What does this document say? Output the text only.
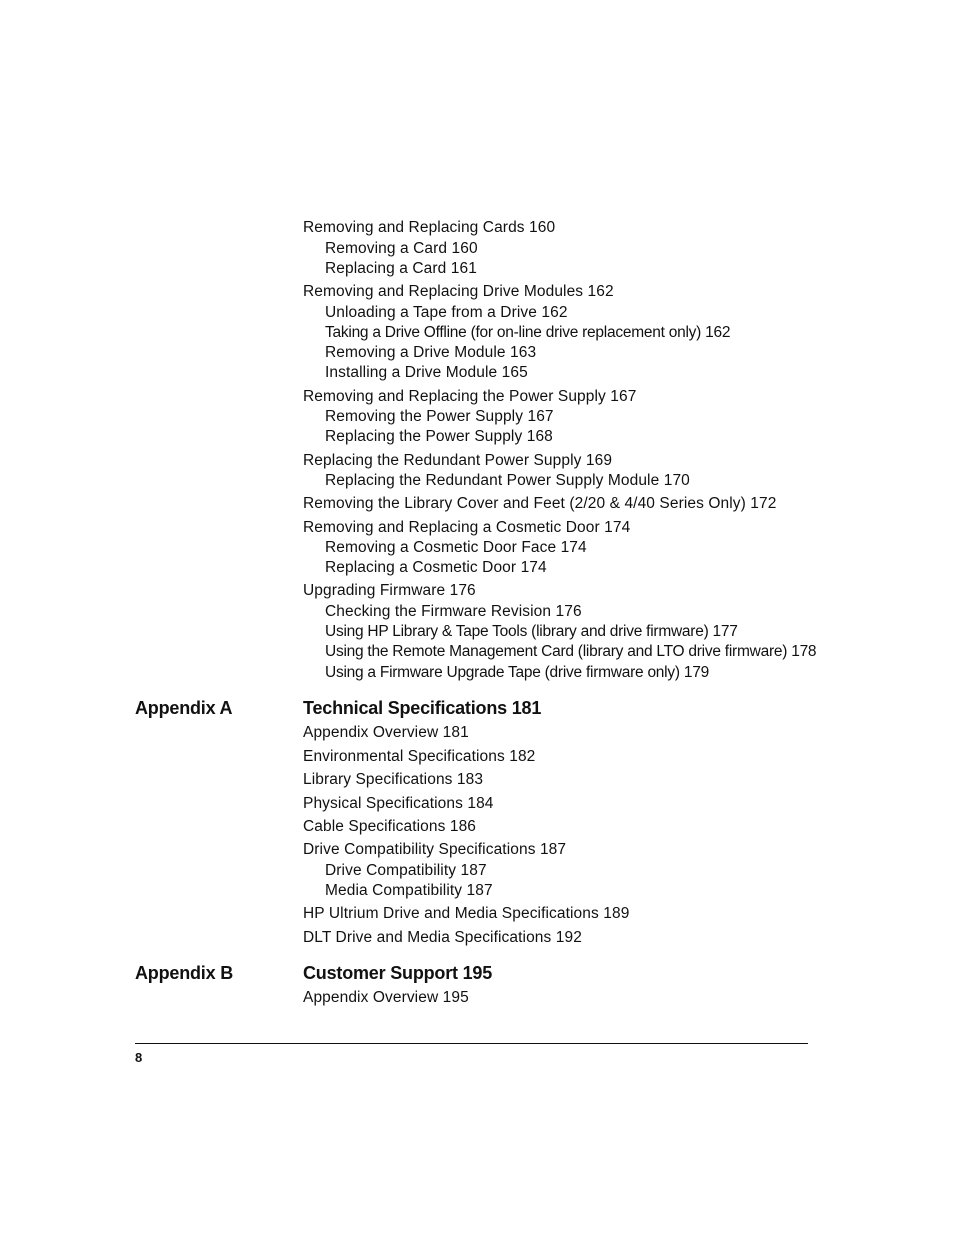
Removing and Replacing Cards 160
Removing a Card 160
Replacing a Card 161
Removing and Replacing Drive Modules 162
Unloading a Tape from a Drive 162
Taking a Drive Offline (for on-line drive replacement only) 162
Removing a Drive Module 163
Installing a Drive Module 165
Removing and Replacing the Power Supply 167
Removing the Power Supply 167
Replacing the Power Supply 168
Replacing the Redundant Power Supply 169
Replacing the Redundant Power Supply Module 170
Removing the Library Cover and Feet (2/20 & 4/40 Series Only) 172
Removing and Replacing a Cosmetic Door 174
Removing a Cosmetic Door Face 174
Replacing a Cosmetic Door 174
Upgrading Firmware 176
Checking the Firmware Revision 176
Using HP Library & Tape Tools (library and drive firmware) 177
Using the Remote Management Card (library and LTO drive firmware) 178
Using a Firmware Upgrade Tape (drive firmware only) 179
Appendix A	Technical Specifications 181
Appendix Overview 181
Environmental Specifications 182
Library Specifications 183
Physical Specifications 184
Cable Specifications 186
Drive Compatibility Specifications 187
Drive Compatibility 187
Media Compatibility 187
HP Ultrium Drive and Media Specifications 189
DLT Drive and Media Specifications 192
Appendix B	Customer Support 195
Appendix Overview 195
8
